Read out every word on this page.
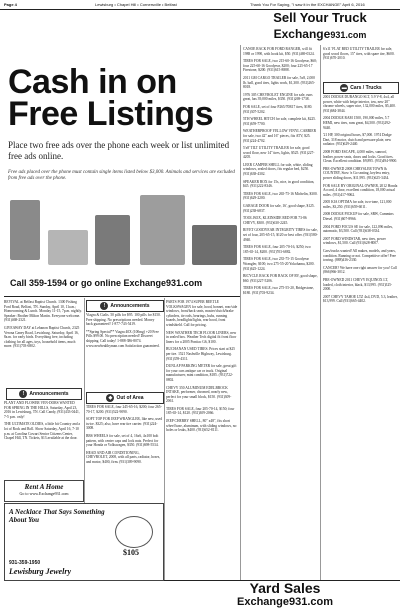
Page 4	Lewisburg • Chapel Hill • Cornersville • Belfast	Thank You For Saying, "I saw it in the EXCHANGE" April 6, 2016
Cash in on
Free Listings
Place two free ads over the phone each week or list unlimited free ads online.
Free ads placed over the phone must contain single items listed below $3,000. Animals and services are excluded from free ads over the phone.
Call 359-1594 or go online Exchange931.com
Sell Your Truck
Exchange931.com

REVIVAL at Belfast Baptist Church. 1300 Fishing Ford Road, Belfast, TN. Sunday, April 10, 11a.m.; Homecoming & Lunch. Monday 11-15, 7p.m. nightly. Speaker: Brother Milton Martin. Everyone welcome. (931)468-2321.

GIVEAWAY DAY at Lebanon Baptist Church, 2325 Verona Caney Road, Lewisburg. Saturday, April 16, 8a.m. for early birds. Everything free, including clothing for all ages, toys, household items, much more. (931)703-6802.

! Announcements

PLANT AND FLOWER VEN-DORS WANTED FOR SPRING IN THE HILLS, Saturday, April 23, 2016 in Lewisburg, TN. Call Candy, (931)433-0441, 7-5 p.m. only!

THE ULTIMATE OLDIES, a little bit Country and a lot of Rock and Roll. Show Saturday, April 16, 7-10 p.m. at Carolina Cowart Senior Citizens Center, Chapel Hill, TN. Tickets, $13 available at the door.

Rent A Home
Go to www.Exchange931.com
A Necklace That Says Something About You
$105
931-359-1950
Lewisburg Jewelry
! Announcements

Viagra & Cialis. 50 pills for $95. 100 pills for $150. Free shipping. No prescriptions needed. Money back guaranteed! 1-877-743-5419.

**Spring Special** Viagra 40X (100mg) +20 Free Pills $99.00. No prescription needed! Discreet shipping. Call today! 1-888-386-8074. www.newhealthyman.com Satisfaction guaranteed.

◆ Out of Area

TIRES FOR SALE, four 245-65-16, $200; four 265-70-17, $200. (931)522-9090.

SOFT TOP FOR JEEP WRANGLER, like new, used twice. $325; also, have rear tire carrier. (931)224-3008.

BBS WHEELS for sale, set of 4, 16x6, 4x100 bolt pattern, with center caps and lock nuts. Perfect for your Honda or Volkswagen, $350. (931)698-5534.

HEAD AND AIR CONDITIONING, CHEVROLET, 2008, with all parts, radiator, hoses, and motor, $400, firm. (931)309-9090.

PARTS FOR 1974 SUPER BEETLE VOLKSWAGEN for sale, hood, bonnet, rear/side windows, front/back seats, master/clutch/brake cylinders, tie rods, bearings, hubs, running boards, headlights/lights, rear hood, front windshield. Call for pricing.

NEW WEATHER TECH FLOOR LINERS, new in sealed box. Weather Tech digital fit front floor liners for a 2005 Pontiac G6, $100.

BUCHANAN USED TIRES. Prices start at $25 per tire. 1521 Nashville Highway, Lewisburg. (931)359-4311.

DUNLAP PARKING METER for sale, great gift for your cars antique car or truck. Original manufacturer, mint condition, $185. (931)722-0802.

CHEVY 350 ALUMINUM EDELBROCK INTAKE, performer, chromed, nearly new, perfect for your small block, $150. (931)309-2061.

TIRES FOR SALE, four 205-70-14, $150; four 185-65-14, $120. (931)309-2066.

JEEP CHERRY SHELL, 80" x48", fits short wheel base, aluminum, with sliding windows, no holes or leaks, $400. (931)652-8111.

CANOE RACK FOR FORD RANGER, will fit 1988 or 1990, with hook kit, $50. (931)469-0324.

TIRES FOR SALE, two 215-60-16 Goodyear, $60; four 225-60-16 Goodyear, $200; four 225-65-17 Firestone, $200. (931)615-8888.

2011 GM CARGO TRAILER for sale, 5x8, 2,000 lb. ball, good tires, lights work, $1,300. (931)265-8018.

1976 305 CHEVROLET ENGINE for sale, runs great, has 39,000 miles, $350. (931)269-1738.

FOR SALE, set of four P265/70R17 tires, $180. (931)307-5202.

5TH WHEEL HITCH for sale, complete kit, $225. (931)659-7700.

WEATHERPROOF YELLOW VINYL CARRIER for sale, two 42" and 16" pieces, fits ATV, $25. (931)224-4702.

5'x8' TILT UTILITY TRAILER for sale, good wood floor, new 14" tires, lights, $525. (931)227-4205.

LEER CAMPER SHELL for sale, white, sliding windows, sealed doors, fits regular bed, $250. (931)638-4302.

SPEAKER BOX for 15s, nice, in good condition, $45. (931)222-8346.

TIRES FOR SALE, two 265-75-16 Michelin, $300. (931)629-2200.

GARAGE DOOR for sale, 16', good shape, $125. (931)238-6837.

TOOL BOX, KLEINSIDE RED FOR 73-86 CHEVY, $300. (931)630-2245.

RIVET GOODYEAR INTEGRITY TIRES for sale, set of four, 205-65-15, $120 or best offer. (931)580-4940.

TIRES FOR SALE, four 205-70-16, $250; two 185-65-14, $200. (931)703-6882.

TIRES FOR SALE, two 235-75-15 Goodyear Wrangler, $100; two 275-55-20 Yokohama, $200. (931)625-1224.

BICYCLE RACK FOR BACK OF RV, good shape, $60. (931)227-5206.

TIRES FOR SALE, two 275-55-20, Bridgestone, $180. (931)703-9234.

6'x11' FLAT BED UTILITY TRAILER for sale, good wood floors, 15" tires, with spare tire, $600. (931)670-2010.

▬ Cars / Trucks

2001 DODGE DURANGO SLT, 5.9 V-8, 4x4, all power, white with beige interior, tow, new 20" chrome wheels, super nice, 132,000 miles, $5,400. (931)684-3844.

2004 DODGE RAM 1500, 190,000 miles, 5.7 HEMI, new tires, runs great, $4,500. (931)292-9440.

'21 HP, 300 original hours, $7,000. 1974 Dodge Dart, 318 motor, clutch and pressure plate, new radiator. (931)629-2440.

2008 FORD ESCAPE, 4,000 miles, sunroof, leather, power seats, doors and locks. Good tires. Clean. Excellent condition. $9,895. (931)494-9900.

PRE-OWNED 2008 CHRYSLER TOWN & COUNTRY, Stow 'n Go seating, keyless entry, power sliding doors, $11,995. (931)625-3434.

FOR SALE BY ORIGINAL OWNER, 2012 Honda Accord, 4 door, excellent condition, 18,000 actual miles. (931)417-9062.

2005 KIA OPTIMA for sale, two-tone, 121,000 miles, $3,250. (931)659-6011.

2008 DODGE PICKUP for sale, SRW, Cummins Diesel. (931)607-8966.

2004 FORD FOCUS SE for sale, 122,096 miles, automatic, $3,500. Call (931)638-0334.

2007 FORD WINDSTAR, new tires, power windows, $1,500. Call (931)628-8007.

Cars/trucks wanted! All makes, models, and years, condition. Running or not. Competitive offer! Free towing. (888)416-2330.

CANCER? We have one right answer for you! Call (866)966-3012.

PRE-OWNED 2011 CHEVY EQUINOX LT, loaded, cloth interior, black, $13,995. (931)525-2000.

2007 CHEVY TAHOE LTZ 4x4, DVD, 5.3, leather, $13,999. Call (931)665-4402.

Yard Sales
Exchange931.com
